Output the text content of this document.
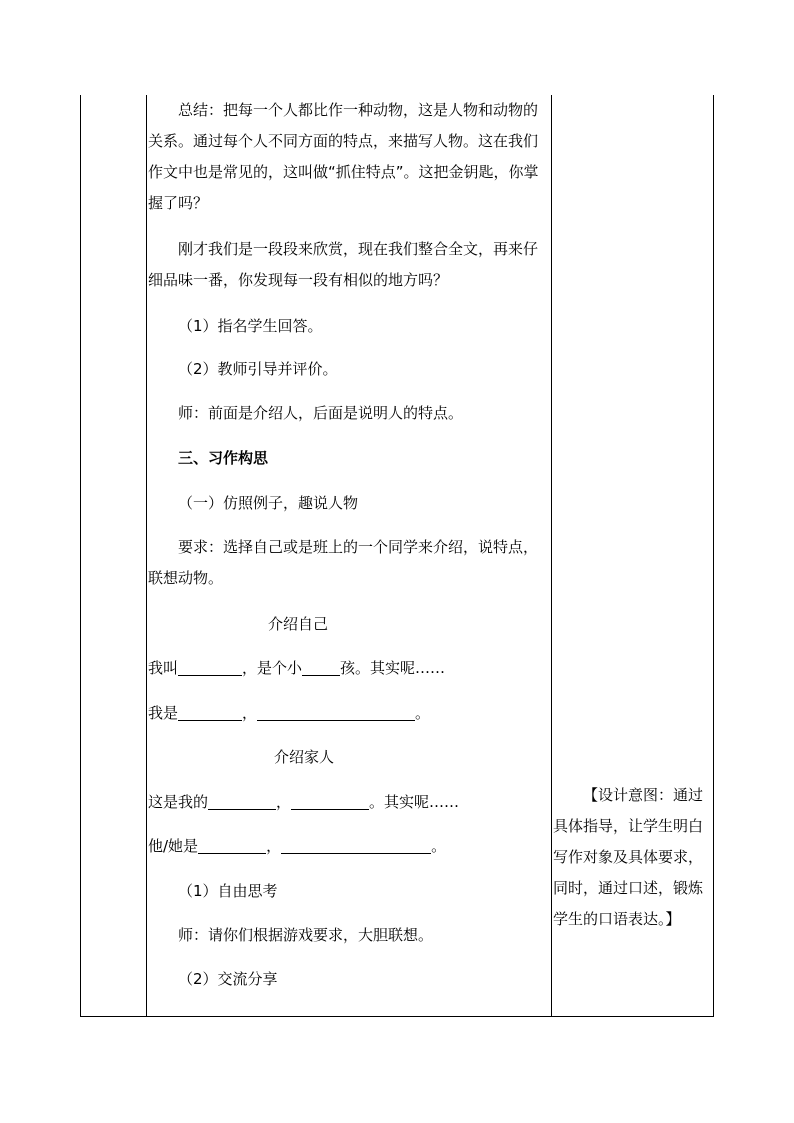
总结：把每一个人都比作一种动物，这是人物和动物的关系。通过每个人不同方面的特点，来描写人物。这在我们作文中也是常见的，这叫做“抓住特点”。这把金钥匙，你掌握了吗？
刚才我们是一段段来欣赏，现在我们整合全文，再来仔细品味一番，你发现每一段有相似的地方吗？
（1）指名学生回答。
（2）教师引导并评价。
师：前面是介绍人，后面是说明人的特点。
三、习作构思
（一）仿照例子，趣说人物
要求：选择自己或是班上的一个同学来介绍，说特点，联想动物。
介绍自己
我叫	，是个小	孩。其实呢……
我是	，	。
介绍家人
这是我的	，	。其实呢……
他/她是	，	。
（1）自由思考
师：请你们根据游戏要求，大胆联想。
（2）交流分享
【设计意图：通过具体指导，让学生明白写作对象及具体要求，同时，通过口述，锻炼学生的口语表达。】
